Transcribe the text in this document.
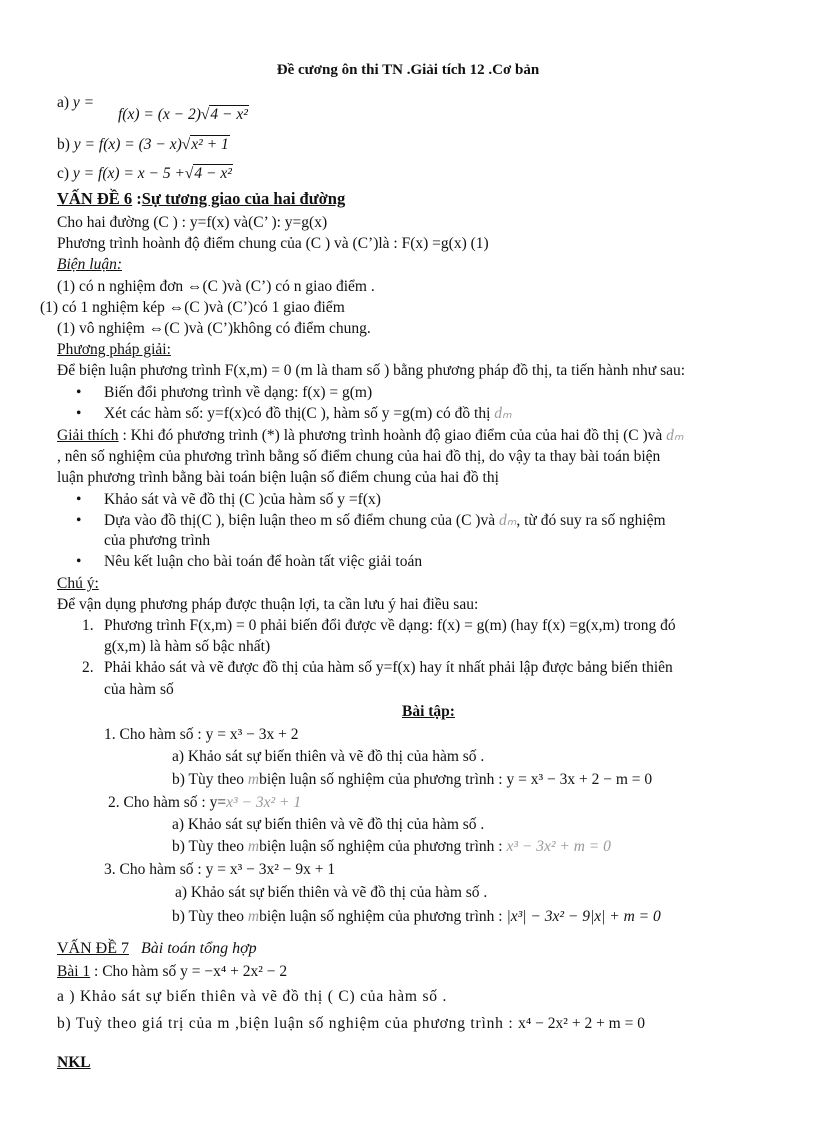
Đề cương ôn thi TN .Giải tích 12 .Cơ bản
a) y =
f(x) = (x − 2)√4 − x²
b) y = f(x) = (3 − x)√x² + 1
c) y = f(x) = x − 5 +√4 − x²
VẤN ĐỀ 6 :Sự tương giao của hai đường
Cho hai đường (C ) : y=f(x) và(C’ ): y=g(x)
Phương trình hoành độ điểm chung của (C ) và (C’)là : F(x) =g(x) (1)
Biện luận:
(1) có n nghiệm đơn ⇔(C )và (C’) có n giao điểm .
(1) có 1 nghiệm kép ⇔(C )và (C’)có 1 giao điểm
(1) vô nghiệm ⇔(C )và (C’)không có điểm chung.
Phương pháp giải:
Để biện luận phương trình F(x,m) = 0 (m là tham số ) bằng phương pháp đồ thị, ta tiến hành như sau:
• Biến đổi phương trình về dạng: f(x) = g(m)
• Xét các hàm số: y=f(x)có đồ thị(C ), hàm số y =g(m) có đồ thị dₘ
Giải thích : Khi đó phương trình (*) là phương trình hoành độ giao điểm của của hai đồ thị (C )và dₘ
, nên số nghiệm của phương trình bằng số điểm chung của hai đồ thị, do vậy ta thay bài toán biện
luận phương trình bằng bài toán biện luận số điểm chung của hai đồ thị
• Khảo sát và vẽ đồ thị (C )của hàm số y =f(x)
• Dựa vào đồ thị(C ), biện luận theo m số điểm chung của (C )và dₘ, từ đó suy ra số nghiệm
của phương trình
• Nêu kết luận cho bài toán để hoàn tất việc giải toán
Chú ý:
Để vận dụng phương pháp được thuận lợi, ta cần lưu ý hai điều sau:
1. Phương trình F(x,m) = 0 phải biến đổi được về dạng: f(x) = g(m) (hay f(x) =g(x,m) trong đó
g(x,m) là hàm số bậc nhất)
2. Phải khảo sát và vẽ được đồ thị của hàm số y=f(x) hay ít nhất phải lập được bảng biến thiên
của hàm số
Bài tập:
1. Cho hàm số : y = x³ − 3x + 2
a) Khảo sát sự biến thiên và vẽ đồ thị của hàm số .
b) Tùy theo mbiện luận số nghiệm của phương trình : y = x³ − 3x + 2 − m = 0
2. Cho hàm số : y=x³ − 3x² + 1
a) Khảo sát sự biến thiên và vẽ đồ thị của hàm số .
b) Tùy theo mbiện luận số nghiệm của phương trình : x³ − 3x² + m = 0
3. Cho hàm số : y = x³ − 3x² − 9x + 1
a) Khảo sát sự biến thiên và vẽ đồ thị của hàm số .
b) Tùy theo mbiện luận số nghiệm của phương trình : |x³| − 3x² − 9|x| + m = 0
VẤN ĐỀ 7 Bài toán tổng hợp
Bài 1 : Cho hàm số y = −x⁴ + 2x² − 2
a ) Khảo sát sự biến thiên và vẽ đồ thị ( C) của hàm số .
b) Tuỳ theo giá trị của m ,biện luận số nghiệm của phương trình : x⁴ − 2x² + 2 + m = 0
NKL
